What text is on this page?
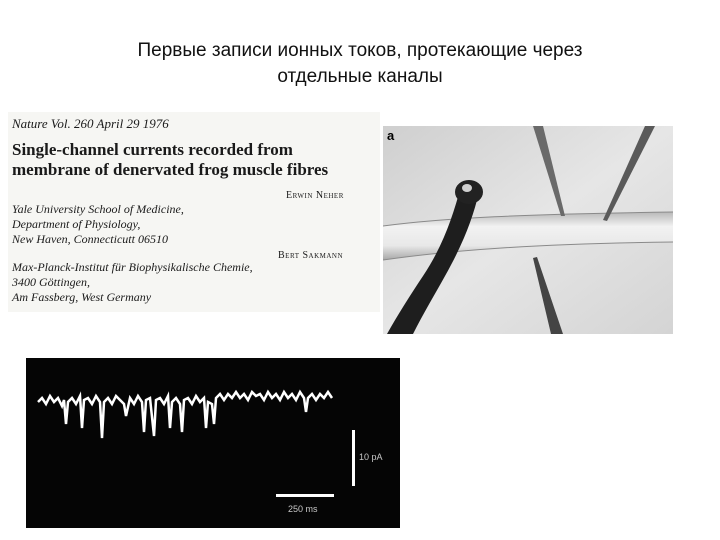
Первые записи ионных токов, протекающие через
отдельные каналы
Nature Vol. 260 April 29 1976
Single-channel currents recorded from
membrane of denervated frog muscle fibres
Erwin Neher
Yale University School of Medicine,
Department of Physiology,
New Haven, Connecticutt 06510
Bert Sakmann
Max-Planck-Institut für Biophysikalische Chemie,
3400 Göttingen,
Am Fassberg, West Germany
a
10 pA
250 ms
